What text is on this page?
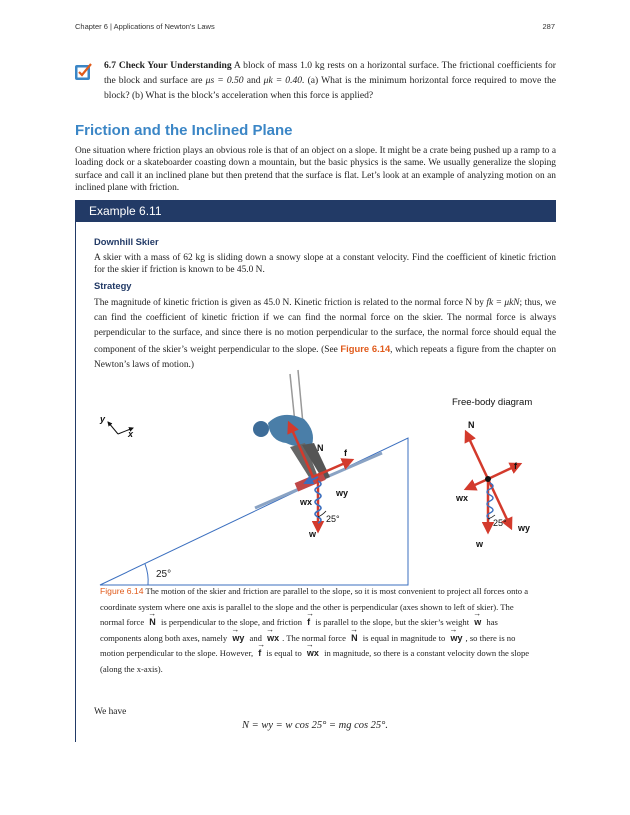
Chapter 6 | Applications of Newton's Laws	287
6.7 Check Your Understanding A block of mass 1.0 kg rests on a horizontal surface. The frictional coefficients for the block and surface are μs = 0.50 and μk = 0.40. (a) What is the minimum horizontal force required to move the block? (b) What is the block’s acceleration when this force is applied?
Friction and the Inclined Plane
One situation where friction plays an obvious role is that of an object on a slope. It might be a crate being pushed up a ramp to a loading dock or a skateboarder coasting down a mountain, but the basic physics is the same. We usually generalize the sloping surface and call it an inclined plane but then pretend that the surface is flat. Let’s look at an example of analyzing motion on an inclined plane with friction.
Example 6.11
Downhill Skier
A skier with a mass of 62 kg is sliding down a snowy slope at a constant velocity. Find the coefficient of kinetic friction for the skier if friction is known to be 45.0 N.
Strategy
The magnitude of kinetic friction is given as 45.0 N. Kinetic friction is related to the normal force N by fk = μkN; thus, we can find the coefficient of kinetic friction if we can find the normal force on the skier. The normal force is always perpendicular to the surface, and since there is no motion perpendicular to the surface, the normal force should equal the component of the skier’s weight perpendicular to the slope. (See Figure 6.14, which repeats a figure from the chapter on Newton’s laws of motion.)
25°
y
x
N f
w
wx
wy
25°
Free-body diagram
N
f
w
wx
wy
25°
Figure 6.14 The motion of the skier and friction are parallel to the slope, so it is most convenient to project all forces onto a coordinate system where one axis is parallel to the slope and the other is perpendicular (axes shown to left of skier). The normal force → N is perpendicular to the slope, and friction → f is parallel to the slope, but the skier’s weight → w has components along both axes, namely → wy and → wx . The normal force → N is equal in magnitude to → wy , so there is no motion perpendicular to the slope. However, → f is equal to → wx in magnitude, so there is a constant velocity down the slope (along the x-axis).
We have
N = wy = w cos 25° = mg cos 25°.
